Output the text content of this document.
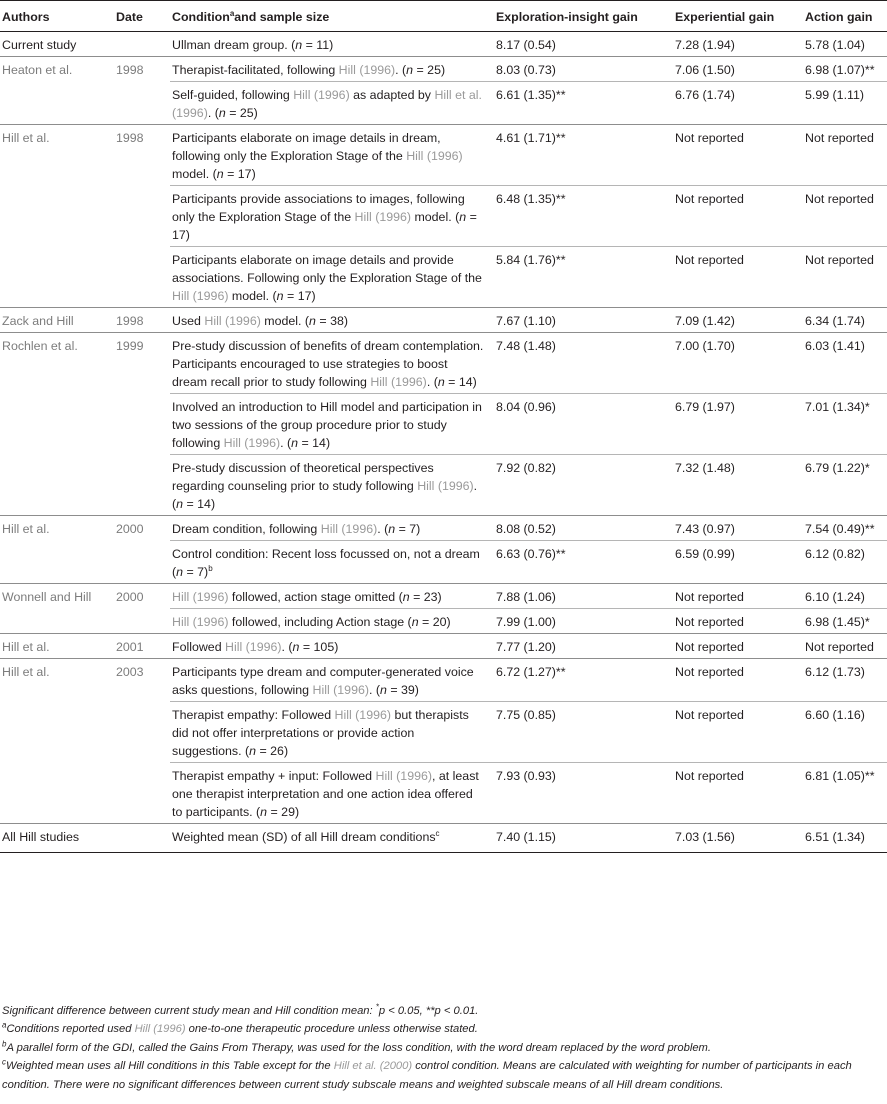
Authors	Date	Condition$^a$and sample size	Exploration-insight gain	Experiential gain	Action gain
Current study		Ullman dream group. (n = 11)	8.17 (0.54)	7.28 (1.94)	5.78 (1.04)
Heaton et al.	1998	Therapist-facilitated, following Hill (1996). (n = 25)	8.03 (0.73)	7.06 (1.50)	6.98 (1.07)**
		Self-guided, following Hill (1996) as adapted by Hill et al. (1996). (n = 25)	6.61 (1.35)**	6.76 (1.74)	5.99 (1.11)
Hill et al.	1998	Participants elaborate on image details in dream, following only the Exploration Stage of the Hill (1996) model. (n = 17)	4.61 (1.71)**	Not reported	Not reported
		Participants provide associations to images, following only the Exploration Stage of the Hill (1996) model. (n = 17)	6.48 (1.35)**	Not reported	Not reported
		Participants elaborate on image details and provide associations. Following only the Exploration Stage of the Hill (1996) model. (n = 17)	5.84 (1.76)**	Not reported	Not reported
Zack and Hill	1998	Used Hill (1996) model. (n = 38)	7.67 (1.10)	7.09 (1.42)	6.34 (1.74)
Rochlen et al.	1999	Pre-study discussion of benefits of dream contemplation. Participants encouraged to use strategies to boost dream recall prior to study following Hill (1996). (n = 14)	7.48 (1.48)	7.00 (1.70)	6.03 (1.41)
		Involved an introduction to Hill model and participation in two sessions of the group procedure prior to study following Hill (1996). (n = 14)	8.04 (0.96)	6.79 (1.97)	7.01 (1.34)*
		Pre-study discussion of theoretical perspectives regarding counseling prior to study following Hill (1996). (n = 14)	7.92 (0.82)	7.32 (1.48)	6.79 (1.22)*
Hill et al.	2000	Dream condition, following Hill (1996). (n = 7)	8.08 (0.52)	7.43 (0.97)	7.54 (0.49)**
		Control condition: Recent loss focussed on, not a dream (n = 7)$^b$	6.63 (0.76)**	6.59 (0.99)	6.12 (0.82)
Wonnell and Hill	2000	Hill (1996) followed, action stage omitted (n = 23)	7.88 (1.06)	Not reported	6.10 (1.24)
		Hill (1996) followed, including Action stage (n = 20)	7.99 (1.00)	Not reported	6.98 (1.45)*
Hill et al.	2001	Followed Hill (1996). (n = 105)	7.77 (1.20)	Not reported	Not reported
Hill et al.	2003	Participants type dream and computer-generated voice asks questions, following Hill (1996). (n = 39)	6.72 (1.27)**	Not reported	6.12 (1.73)
		Therapist empathy: Followed Hill (1996) but therapists did not offer interpretations or provide action suggestions. (n = 26)	7.75 (0.85)	Not reported	6.60 (1.16)
		Therapist empathy + input: Followed Hill (1996), at least one therapist interpretation and one action idea offered to participants. (n = 29)	7.93 (0.93)	Not reported	6.81 (1.05)**
All Hill studies		Weighted mean (SD) of all Hill dream conditions$^c$	7.40 (1.15)	7.03 (1.56)	6.51 (1.34)
Significant difference between current study mean and Hill condition mean: *p < 0.05, **p < 0.01.
$^a$Conditions reported used Hill (1996) one-to-one therapeutic procedure unless otherwise stated.
$^b$A parallel form of the GDI, called the Gains From Therapy, was used for the loss condition, with the word dream replaced by the word problem.
$^c$Weighted mean uses all Hill conditions in this Table except for the Hill et al. (2000) control condition. Means are calculated with weighting for number of participants in each condition. There were no significant differences between current study subscale means and weighted subscale means of all Hill dream conditions.
